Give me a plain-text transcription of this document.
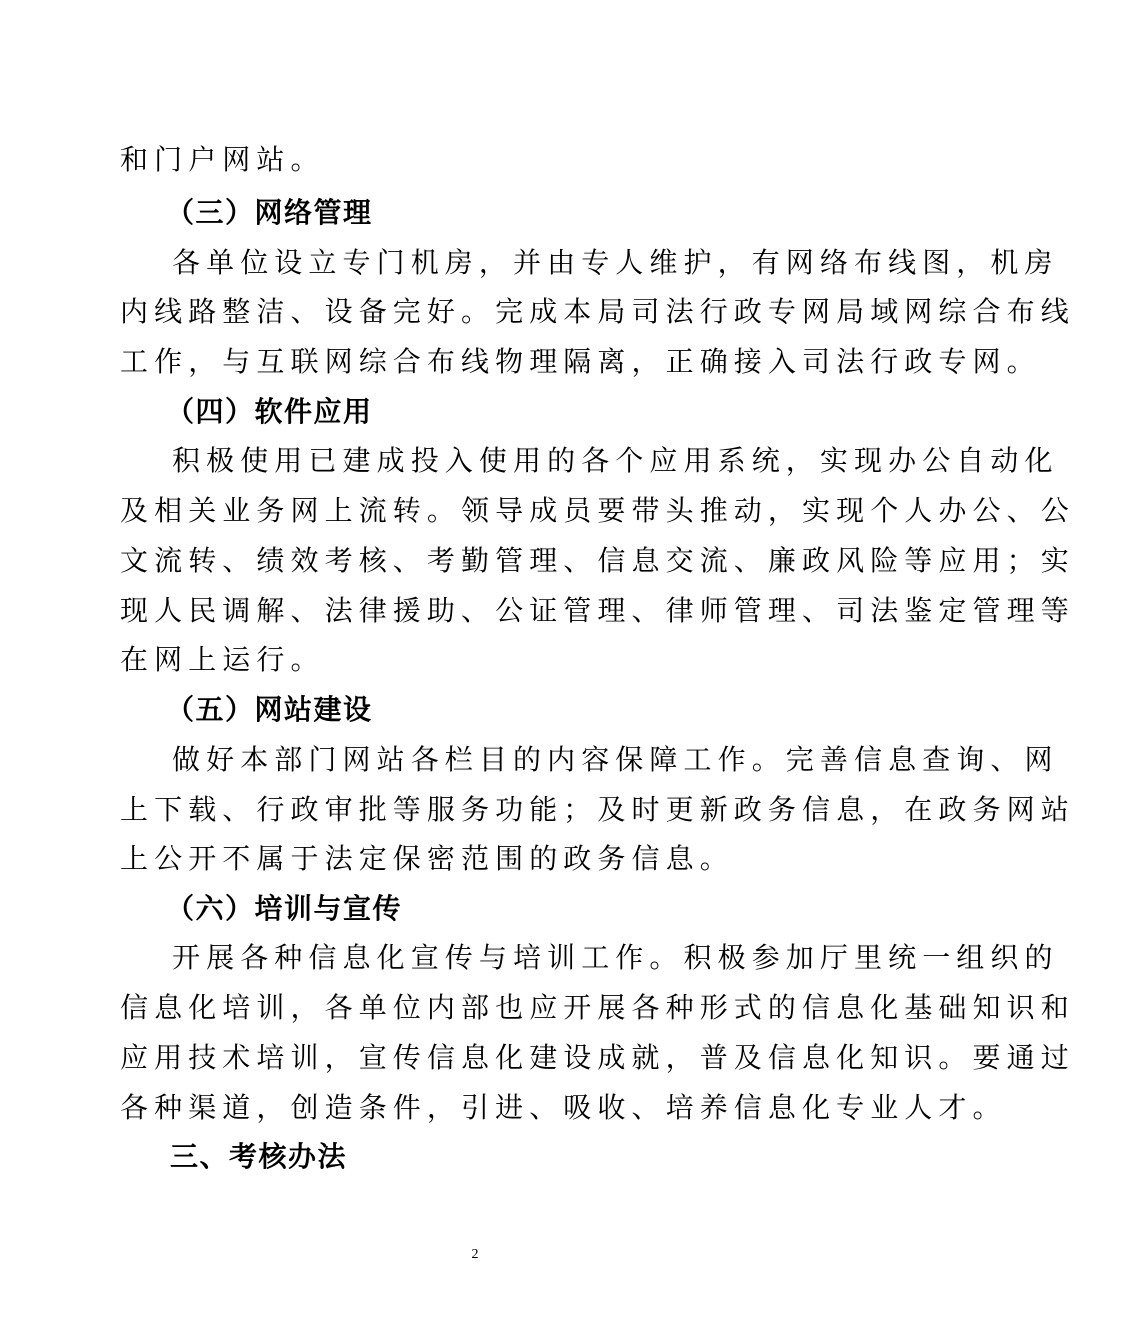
和门户网站。
（三）网络管理
各单位设立专门机房，并由专人维护，有网络布线图，机房
内线路整洁、设备完好。完成本局司法行政专网局域网综合布线
工作，与互联网综合布线物理隔离，正确接入司法行政专网。
（四）软件应用
积极使用已建成投入使用的各个应用系统，实现办公自动化
及相关业务网上流转。领导成员要带头推动，实现个人办公、公
文流转、绩效考核、考勤管理、信息交流、廉政风险等应用；实
现人民调解、法律援助、公证管理、律师管理、司法鉴定管理等
在网上运行。
（五）网站建设
做好本部门网站各栏目的内容保障工作。完善信息查询、网
上下载、行政审批等服务功能；及时更新政务信息，在政务网站
上公开不属于法定保密范围的政务信息。
（六）培训与宣传
开展各种信息化宣传与培训工作。积极参加厅里统一组织的
信息化培训，各单位内部也应开展各种形式的信息化基础知识和
应用技术培训，宣传信息化建设成就，普及信息化知识。要通过
各种渠道，创造条件，引进、吸收、培养信息化专业人才。
三、考核办法
2
